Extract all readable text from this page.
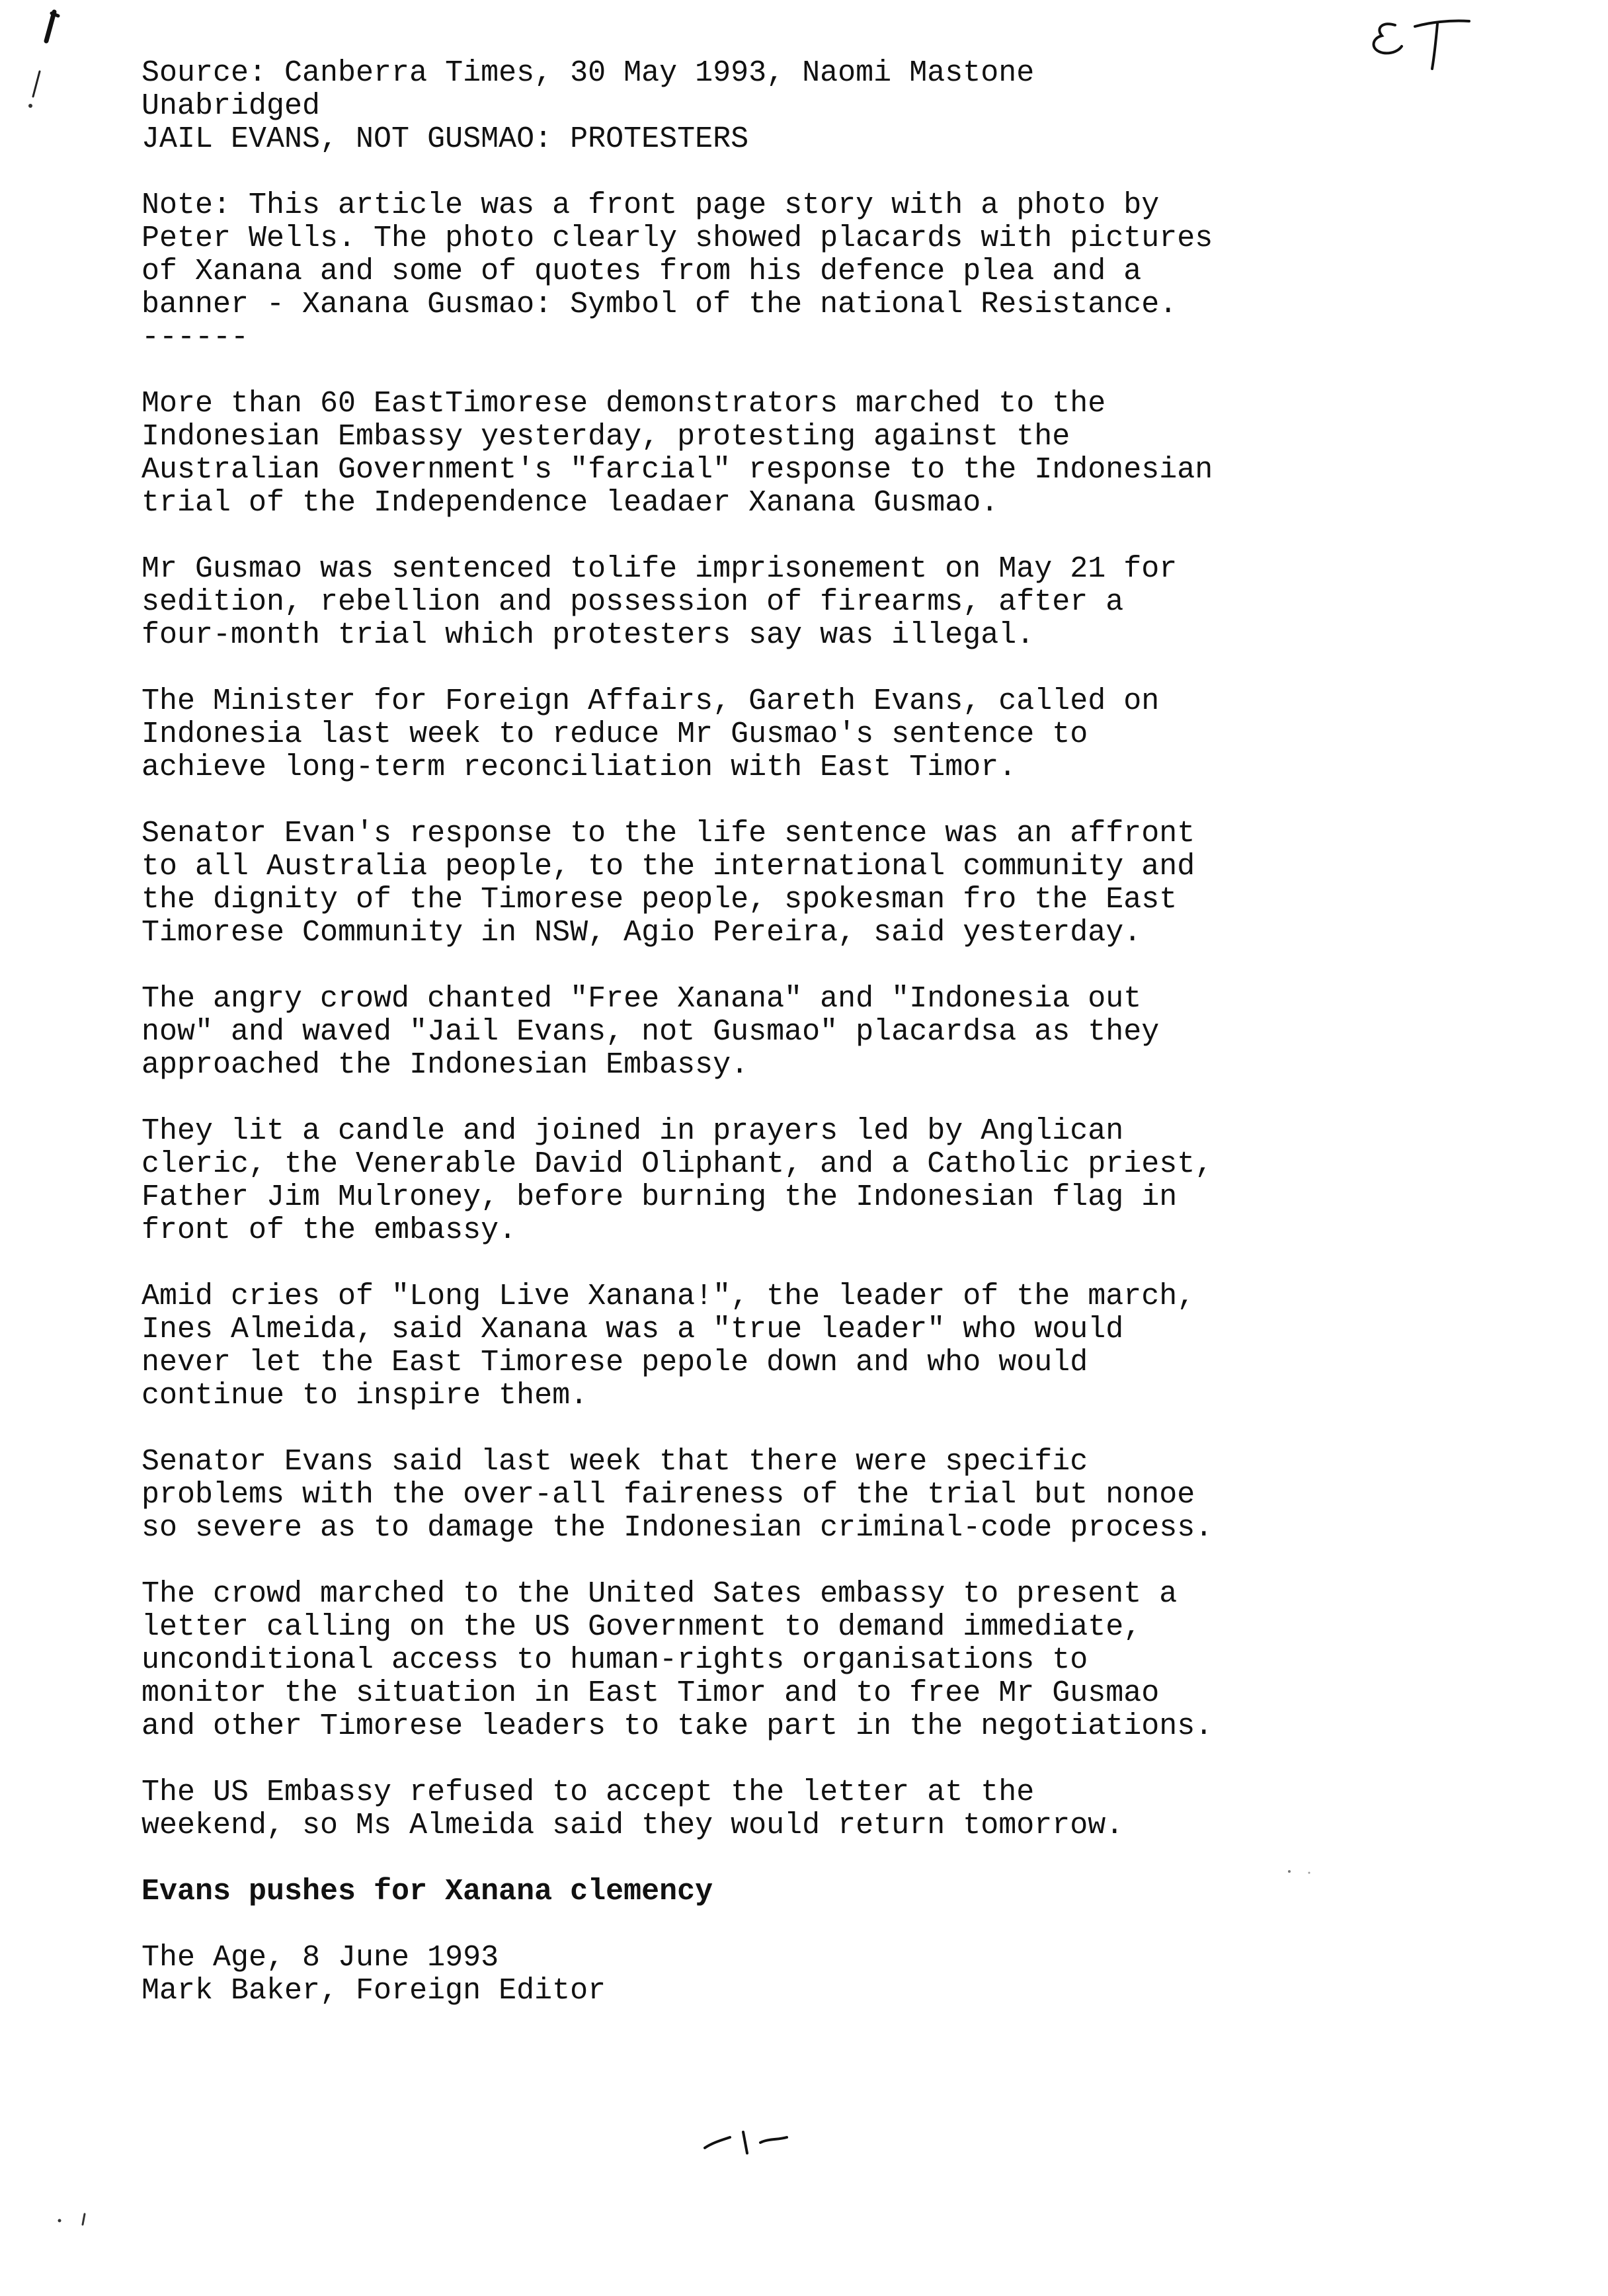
Source: Canberra Times, 30 May 1993, Naomi Mastone
Unabridged
JAIL EVANS, NOT GUSMAO: PROTESTERS
Note: This article was a front page story with a photo by
Peter Wells. The photo clearly showed placards with pictures
of Xanana and some of quotes from his defence plea and a
banner - Xanana Gusmao: Symbol of the national Resistance.
------
More than 60 EastTimorese demonstrators marched to the
Indonesian Embassy yesterday, protesting against the
Australian Government's "farcial" response to the Indonesian
trial of the Independence leadaer Xanana Gusmao.
Mr Gusmao was sentenced tolife imprisonement on May 21 for
sedition, rebellion and possession of firearms, after a
four-month trial which protesters say was illegal.
The Minister for Foreign Affairs, Gareth Evans, called on
Indonesia last week to reduce Mr Gusmao's sentence to
achieve long-term reconciliation with East Timor.
Senator Evan's response to the life sentence was an affront
to all Australia people, to the international community and
the dignity of the Timorese people, spokesman fro the East
Timorese Community in NSW, Agio Pereira, said yesterday.
The angry crowd chanted "Free Xanana" and "Indonesia out
now" and waved "Jail Evans, not Gusmao" placardsa as they
approached the Indonesian Embassy.
They lit a candle and joined in prayers led by Anglican
cleric, the Venerable David Oliphant, and a Catholic priest,
Father Jim Mulroney, before burning the Indonesian flag in
front of the embassy.
Amid cries of "Long Live Xanana!", the leader of the march,
Ines Almeida, said Xanana was a "true leader" who would
never let the East Timorese pepole down and who would
continue to inspire them.
Senator Evans said last week that there were specific
problems with the over-all faireness of the trial but nonoe
so severe as to damage the Indonesian criminal-code process.
The crowd marched to the United Sates embassy to present a
letter calling on the US Government to demand immediate,
unconditional access to human-rights organisations to
monitor the situation in East Timor and to free Mr Gusmao
and other Timorese leaders to take part in the negotiations.
The US Embassy refused to accept the letter at the
weekend, so Ms Almeida said they would return tomorrow.
Evans pushes for Xanana clemency
The Age, 8 June 1993
Mark Baker, Foreign Editor
